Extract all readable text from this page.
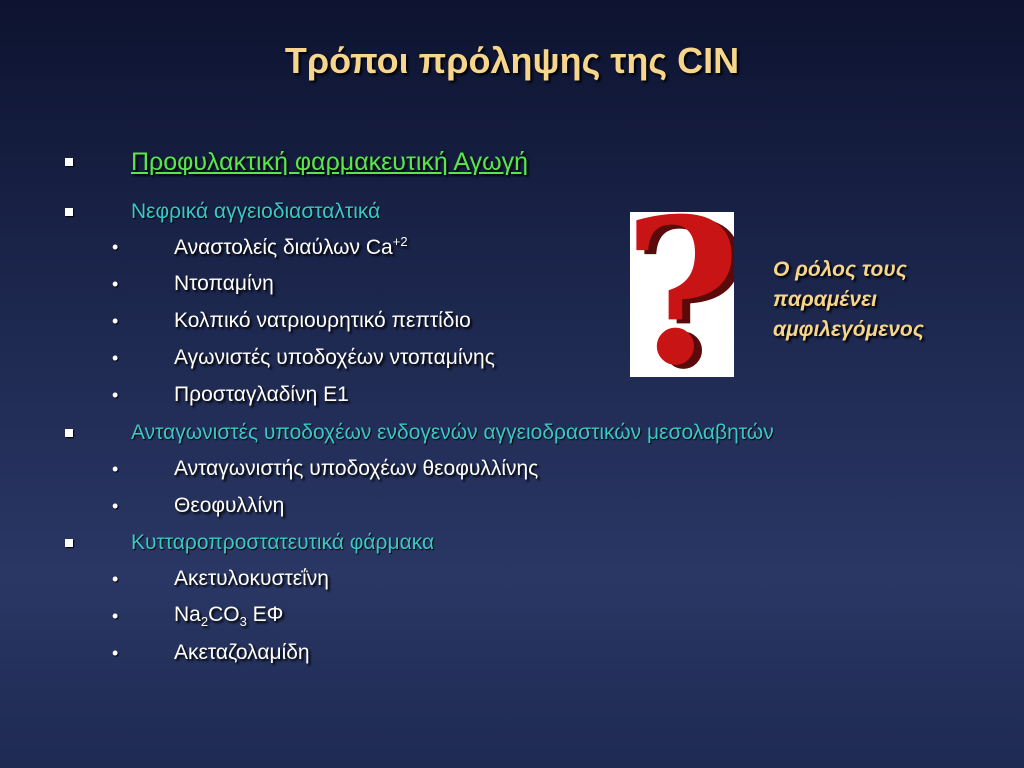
Τρόποι πρόληψης της CIN
Προφυλακτική φαρμακευτική Αγωγή
Νεφρικά αγγειοδιασταλτικά
•	Αναστολείς διαύλων $Ca^{+2}$
•	Ντοπαμίνη
•	Κολπικό νατριουρητικό πεπτίδιο
•	Αγωνιστές υποδοχέων ντοπαμίνης
•	Προσταγλαδίνη E1
Ανταγωνιστές υποδοχέων ενδογενών αγγειοδραστικών μεσολαβητών
•	Ανταγωνιστής υποδοχέων θεοφυλλίνης
•	Θεοφυλλίνη
Κυτταροπροστατευτικά φάρμακα
•	Ακετυλοκυστεΐνη
•	$Na_2CO_3$ ΕΦ
•	Ακεταζολαμίδη
Ο ρόλος τους
παραμένει
αμφιλεγόμενος
